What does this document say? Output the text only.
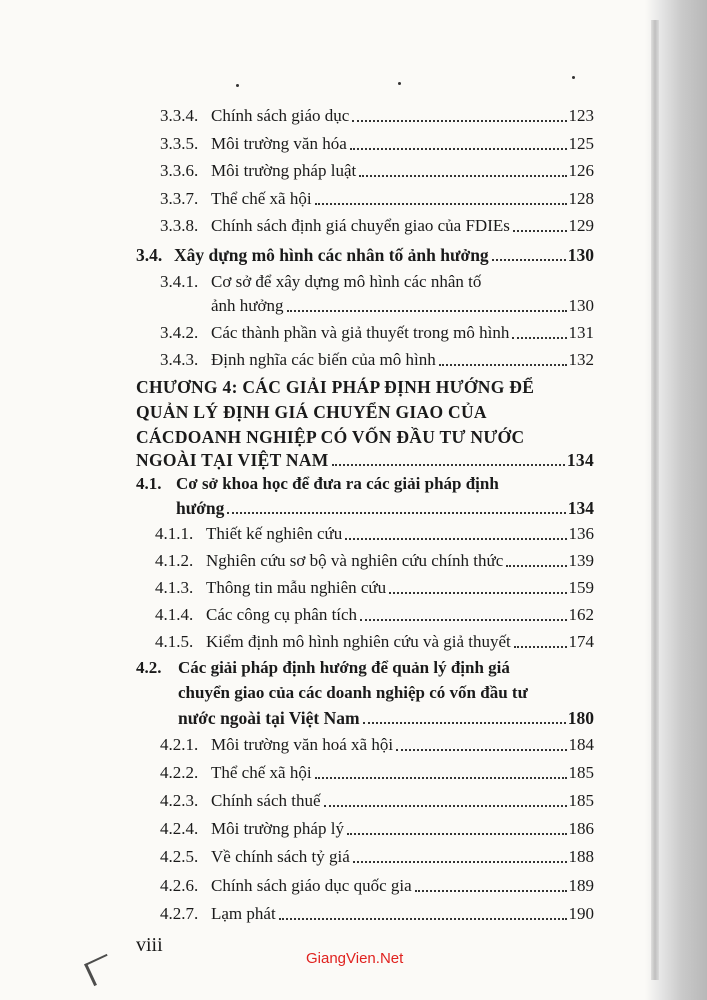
3.3.4. Chính sách giáo dục	123
3.3.5. Môi trường văn hóa	125
3.3.6. Môi trường pháp luật	126
3.3.7. Thể chế xã hội	128
3.3.8. Chính sách định giá chuyển giao của FDIEs	129
3.4. Xây dựng mô hình các nhân tố ảnh hưởng	130
3.4.1. Cơ sở để xây dựng mô hình các nhân tố
ảnh hưởng	130
3.4.2. Các thành phần và giả thuyết trong mô hình	131
3.4.3. Định nghĩa các biến của mô hình	132
CHƯƠNG 4: CÁC GIẢI PHÁP ĐỊNH HƯỚNG ĐỂ
QUẢN LÝ ĐỊNH GIÁ CHUYỂN GIAO CỦA
CÁCDOANH NGHIỆP CÓ VỐN ĐẦU TƯ NƯỚC
NGOÀI TẠI VIỆT NAM	134
4.1. Cơ sở khoa học để đưa ra các giải pháp định
hướng	134
4.1.1. Thiết kế nghiên cứu	136
4.1.2. Nghiên cứu sơ bộ và nghiên cứu chính thức	139
4.1.3. Thông tin mẫu nghiên cứu	159
4.1.4. Các công cụ phân tích	162
4.1.5. Kiểm định mô hình nghiên cứu và giả thuyết	174
4.2. Các giải pháp định hướng để quản lý định giá
chuyển giao của các doanh nghiệp có vốn đầu tư
nước ngoài tại Việt Nam	180
4.2.1. Môi trường văn hoá xã hội	184
4.2.2. Thể chế xã hội	185
4.2.3. Chính sách thuế	185
4.2.4. Môi trường pháp lý	186
4.2.5. Về chính sách tỷ giá	188
4.2.6. Chính sách giáo dục quốc gia	189
4.2.7. Lạm phát	190
viii
GiangVien.Net
